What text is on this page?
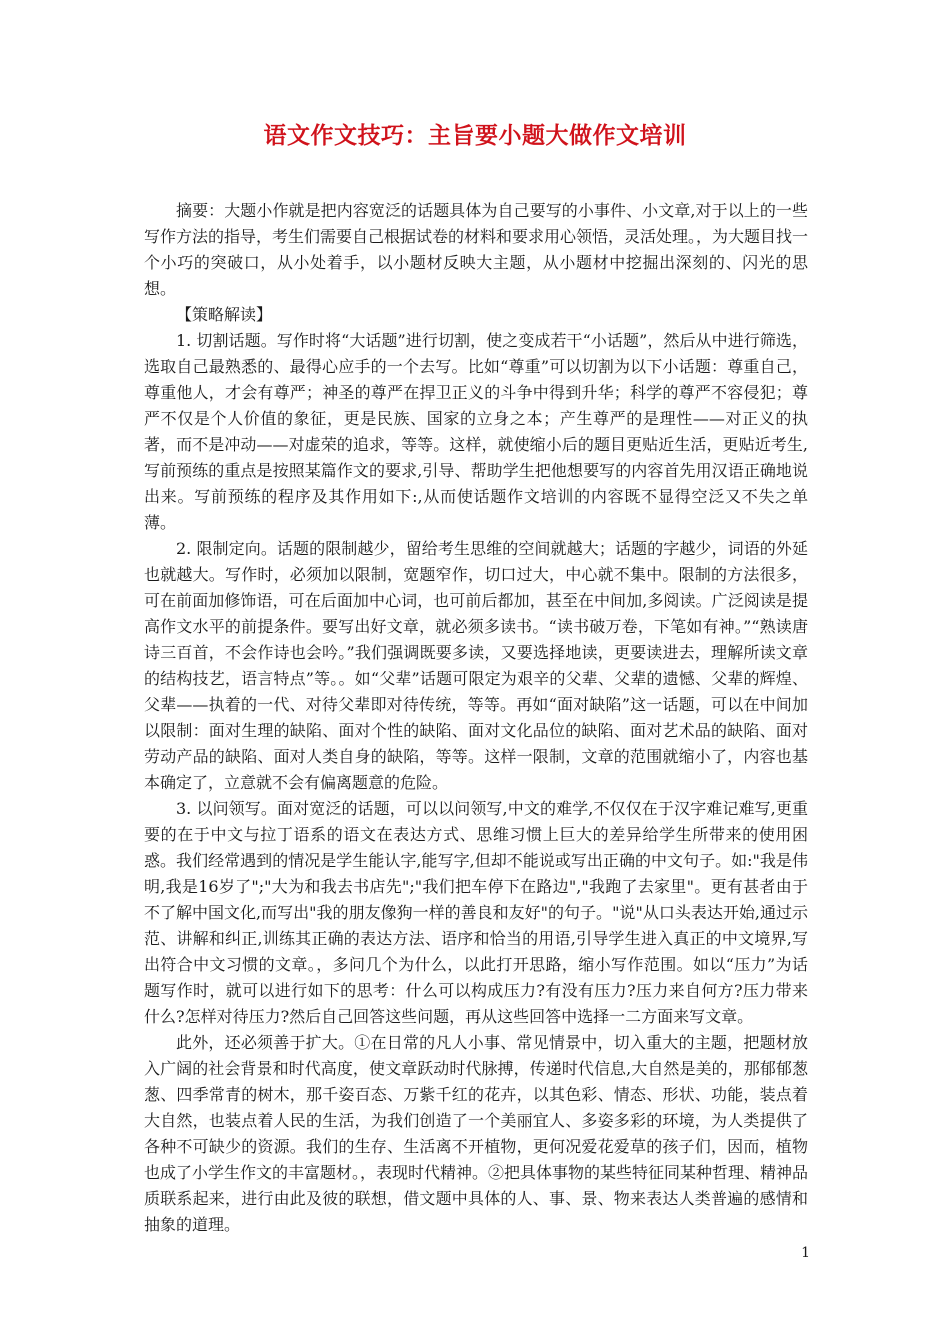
语文作文技巧：主旨要小题大做作文培训

摘要：大题小作就是把内容宽泛的话题具体为自己要写的小事件、小文章,对于以上的一些写作方法的指导，考生们需要自己根据试卷的材料和要求用心领悟，灵活处理。，为大题目找一个小巧的突破口，从小处着手，以小题材反映大主题，从小题材中挖掘出深刻的、闪光的思想。

【策略解读】

1. 切割话题。写作时将“大话题”进行切割，使之变成若干“小话题”，然后从中进行筛选，选取自己最熟悉的、最得心应手的一个去写。比如“尊重”可以切割为以下小话题：尊重自己，尊重他人，才会有尊严；神圣的尊严在捍卫正义的斗争中得到升华；科学的尊严不容侵犯；尊严不仅是个人价值的象征，更是民族、国家的立身之本；产生尊严的是理性——对正义的执著，而不是冲动——对虚荣的追求，等等。这样，就使缩小后的题目更贴近生活，更贴近考生,写前预练的重点是按照某篇作文的要求,引导、帮助学生把他想要写的内容首先用汉语正确地说出来。写前预练的程序及其作用如下:,从而使话题作文培训的内容既不显得空泛又不失之单薄。

2. 限制定向。话题的限制越少，留给考生思维的空间就越大；话题的字越少，词语的外延也就越大。写作时，必须加以限制，宽题窄作，切口过大，中心就不集中。限制的方法很多，可在前面加修饰语，可在后面加中心词，也可前后都加，甚至在中间加,多阅读。广泛阅读是提高作文水平的前提条件。要写出好文章，就必须多读书。“读书破万卷，下笔如有神。”“熟读唐诗三百首，不会作诗也会吟。”我们强调既要多读，又要选择地读，更要读进去，理解所读文章的结构技艺，语言特点”等。。如“父辈”话题可限定为艰辛的父辈、父辈的遗憾、父辈的辉煌、父辈——执着的一代、对待父辈即对待传统，等等。再如“面对缺陷”这一话题，可以在中间加以限制：面对生理的缺陷、面对个性的缺陷、面对文化品位的缺陷、面对艺术品的缺陷、面对劳动产品的缺陷、面对人类自身的缺陷，等等。这样一限制，文章的范围就缩小了，内容也基本确定了，立意就不会有偏离题意的危险。

3. 以问领写。面对宽泛的话题，可以以问领写,中文的难学,不仅仅在于汉字难记难写,更重要的在于中文与拉丁语系的语文在表达方式、思维习惯上巨大的差异给学生所带来的使用困惑。我们经常遇到的情况是学生能认字,能写字,但却不能说或写出正确的中文句子。如:"我是伟明,我是16岁了";"大为和我去书店先";"我们把车停下在路边","我跑了去家里"。更有甚者由于不了解中国文化,而写出"我的朋友像狗一样的善良和友好"的句子。"说"从口头表达开始,通过示范、讲解和纠正,训练其正确的表达方法、语序和恰当的用语,引导学生进入真正的中文境界,写出符合中文习惯的文章。，多问几个为什么，以此打开思路，缩小写作范围。如以“压力”为话题写作时，就可以进行如下的思考：什么可以构成压力?有没有压力?压力来自何方?压力带来什么?怎样对待压力?然后自己回答这些问题，再从这些回答中选择一二方面来写文章。

此外，还必须善于扩大。①在日常的凡人小事、常见情景中，切入重大的主题，把题材放入广阔的社会背景和时代高度，使文章跃动时代脉搏，传递时代信息,大自然是美的，那郁郁葱葱、四季常青的树木，那千姿百态、万紫千红的花卉，以其色彩、情态、形状、功能，装点着大自然，也装点着人民的生活，为我们创造了一个美丽宜人、多姿多彩的环境，为人类提供了各种不可缺少的资源。我们的生存、生活离不开植物，更何况爱花爱草的孩子们，因而，植物也成了小学生作文的丰富题材。，表现时代精神。②把具体事物的某些特征同某种哲理、精神品质联系起来，进行由此及彼的联想，借文题中具体的人、事、景、物来表达人类普遍的感情和抽象的道理。

1
